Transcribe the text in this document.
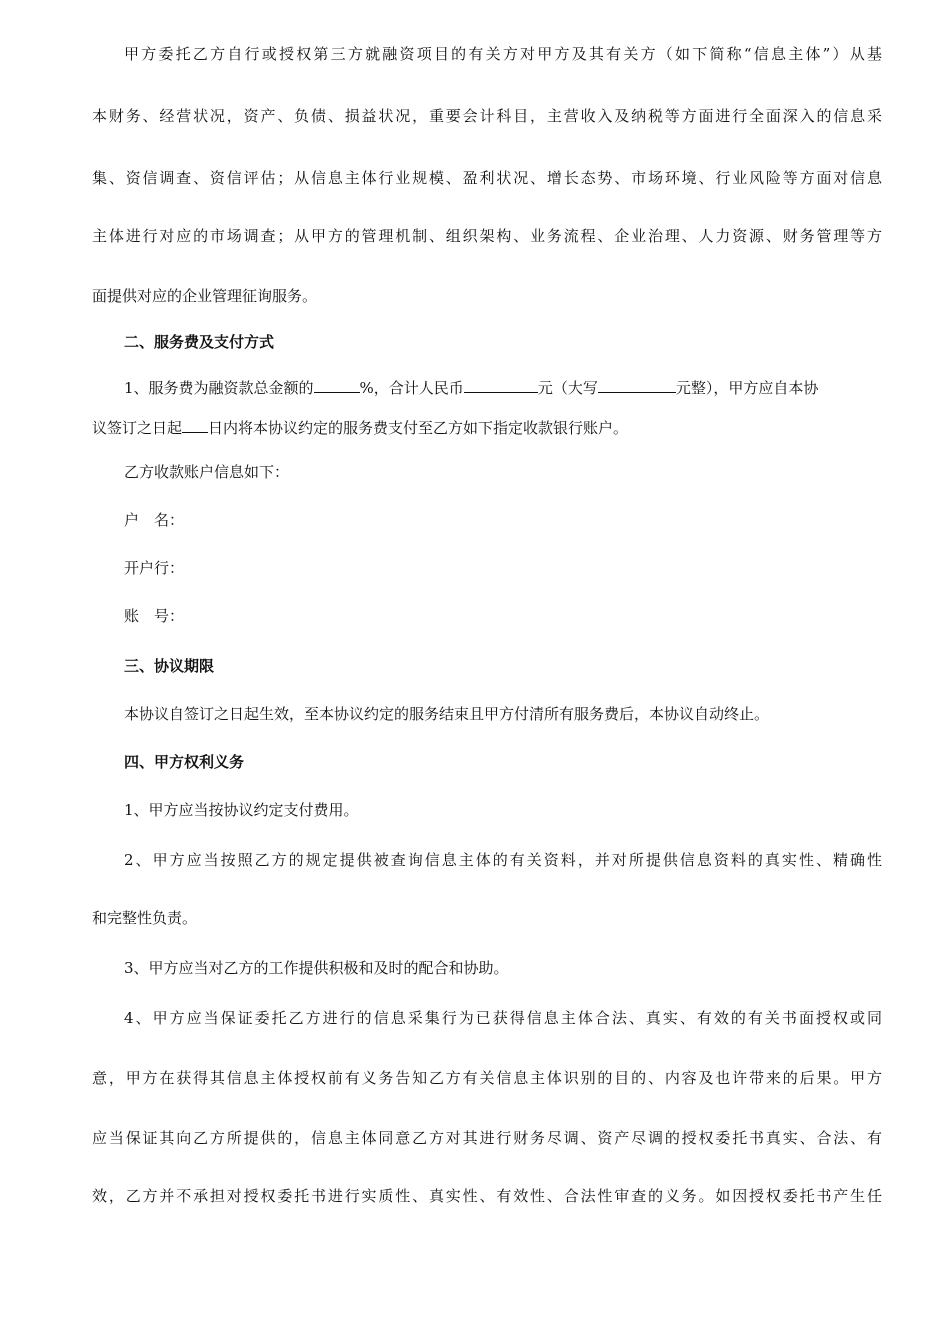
甲方委托乙方自行或授权第三方就融资项目的有关方对甲方及其有关方（如下简称“信息主体”）从基
本财务、经营状况，资产、负债、损益状况，重要会计科目，主营收入及纳税等方面进行全面深入的信息采
集、资信调查、资信评估；从信息主体行业规模、盈利状况、增长态势、市场环境、行业风险等方面对信息
主体进行对应的市场调查；从甲方的管理机制、组织架构、业务流程、企业治理、人力资源、财务管理等方
面提供对应的企业管理征询服务。
二、服务费及支付方式
1、服务费为融资款总金额的	%，合计人民币	元（大写	元整），甲方应自本协
议签订之日起 日内将本协议约定的服务费支付至乙方如下指定收款银行账户。
乙方收款账户信息如下：
户　名：
开户行：
账　号：
三、协议期限
本协议自签订之日起生效，至本协议约定的服务结束且甲方付清所有服务费后，本协议自动终止。
四、甲方权利义务
1、甲方应当按协议约定支付费用。
2、甲方应当按照乙方的规定提供被查询信息主体的有关资料，并对所提供信息资料的真实性、精确性
和完整性负责。
3、甲方应当对乙方的工作提供积极和及时的配合和协助。
4、甲方应当保证委托乙方进行的信息采集行为已获得信息主体合法、真实、有效的有关书面授权或同
意，甲方在获得其信息主体授权前有义务告知乙方有关信息主体识别的目的、内容及也许带来的后果。甲方
应当保证其向乙方所提供的，信息主体同意乙方对其进行财务尽调、资产尽调的授权委托书真实、合法、有
效，乙方并不承担对授权委托书进行实质性、真实性、有效性、合法性审查的义务。如因授权委托书产生任
